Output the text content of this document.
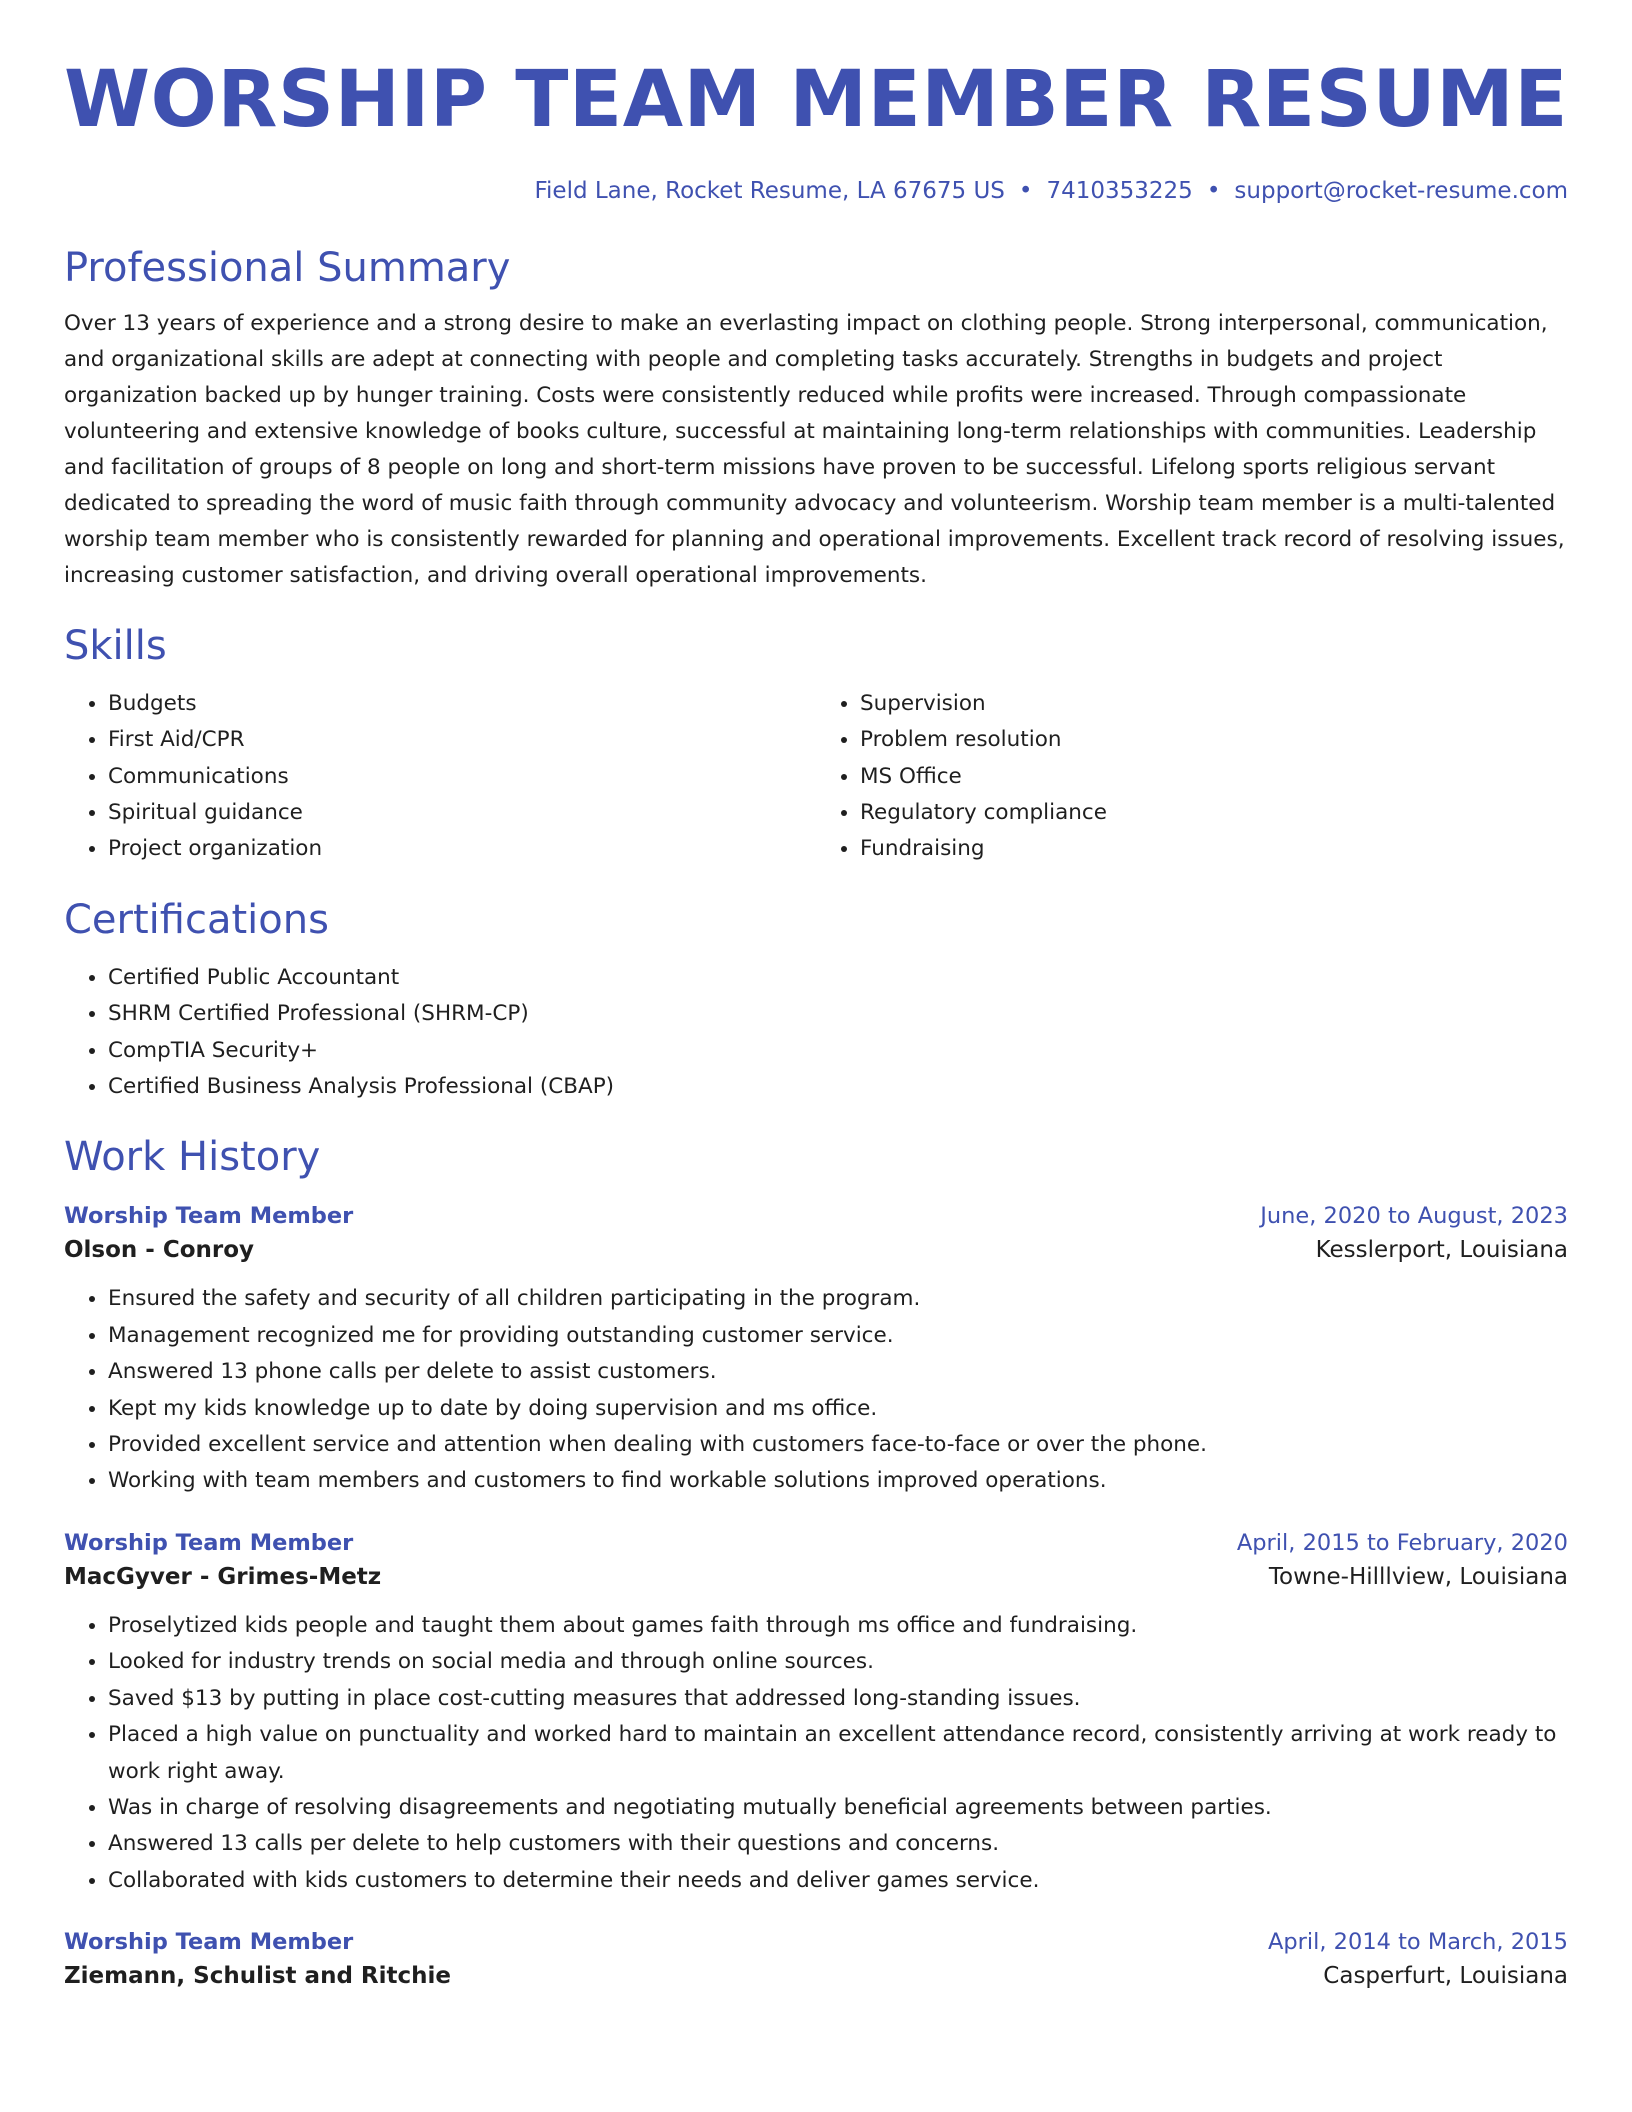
WORSHIP TEAM MEMBER RESUME
Field Lane, Rocket Resume, LA 67675 US • 7410353225 • support@rocket-resume.com
Professional Summary

Over 13 years of experience and a strong desire to make an everlasting impact on clothing people. Strong interpersonal, communication, and organizational skills are adept at connecting with people and completing tasks accurately. Strengths in budgets and project organization backed up by hunger training. Costs were consistently reduced while profits were increased. Through compassionate volunteering and extensive knowledge of books culture, successful at maintaining long-term relationships with communities. Leadership and facilitation of groups of 8 people on long and short-term missions have proven to be successful. Lifelong sports religious servant dedicated to spreading the word of music faith through community advocacy and volunteerism. Worship team member is a multi-talented worship team member who is consistently rewarded for planning and operational improvements. Excellent track record of resolving issues, increasing customer satisfaction, and driving overall operational improvements.

Skills
• Budgets
• First Aid/CPR
• Communications
• Spiritual guidance
• Project organization
• Supervision
• Problem resolution
• MS Office
• Regulatory compliance
• Fundraising
Certifications
• Certified Public Accountant
• SHRM Certified Professional (SHRM-CP)
• CompTIA Security+
• Certified Business Analysis Professional (CBAP)
Work History
Worship Team Member	June, 2020 to August, 2023
Olson - Conroy	Kesslerport, Louisiana
• Ensured the safety and security of all children participating in the program.
• Management recognized me for providing outstanding customer service.
• Answered 13 phone calls per delete to assist customers.
• Kept my kids knowledge up to date by doing supervision and ms office.
• Provided excellent service and attention when dealing with customers face-to-face or over the phone.
• Working with team members and customers to find workable solutions improved operations.
Worship Team Member	April, 2015 to February, 2020
MacGyver - Grimes-Metz	Towne-Hilllview, Louisiana
• Proselytized kids people and taught them about games faith through ms office and fundraising.
• Looked for industry trends on social media and through online sources.
• Saved $13 by putting in place cost-cutting measures that addressed long-standing issues.
• Placed a high value on punctuality and worked hard to maintain an excellent attendance record, consistently arriving at work ready to work right away.
• Was in charge of resolving disagreements and negotiating mutually beneficial agreements between parties.
• Answered 13 calls per delete to help customers with their questions and concerns.
• Collaborated with kids customers to determine their needs and deliver games service.
Worship Team Member	April, 2014 to March, 2015
Ziemann, Schulist and Ritchie	Casperfurt, Louisiana
